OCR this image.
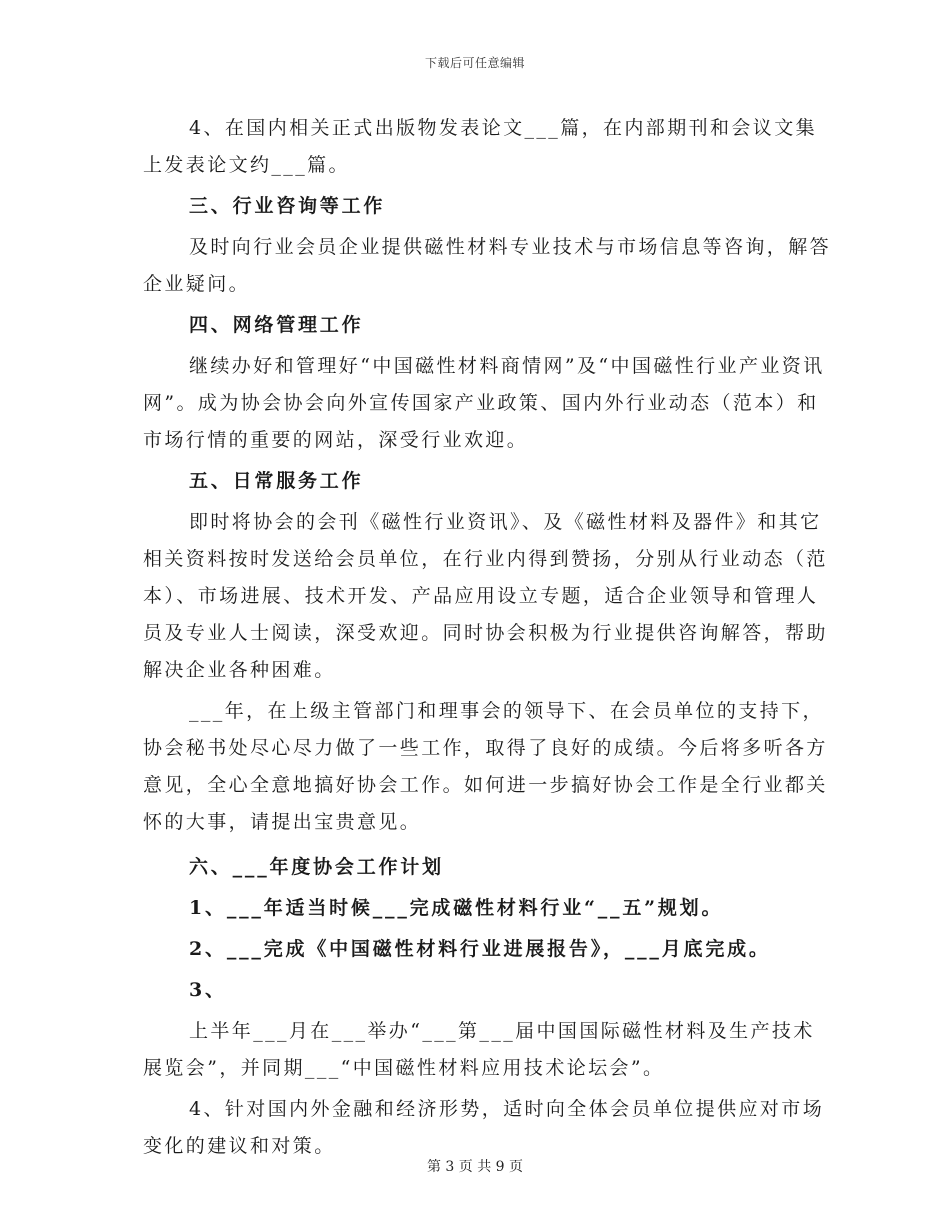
下载后可任意编辑

4、在国内相关正式出版物发表论文___篇，在内部期刊和会议文集上发表论文约___篇。

三、行业咨询等工作

及时向行业会员企业提供磁性材料专业技术与市场信息等咨询，解答企业疑问。

四、网络管理工作

继续办好和管理好“中国磁性材料商情网”及“中国磁性行业产业资讯网”。成为协会协会向外宣传国家产业政策、国内外行业动态（范本）和市场行情的重要的网站，深受行业欢迎。

五、日常服务工作

即时将协会的会刊《磁性行业资讯》、及《磁性材料及器件》和其它相关资料按时发送给会员单位，在行业内得到赞扬，分别从行业动态（范本）、市场进展、技术开发、产品应用设立专题，适合企业领导和管理人员及专业人士阅读，深受欢迎。同时协会积极为行业提供咨询解答，帮助解决企业各种困难。

___年，在上级主管部门和理事会的领导下、在会员单位的支持下，协会秘书处尽心尽力做了一些工作，取得了良好的成绩。今后将多听各方意见，全心全意地搞好协会工作。如何进一步搞好协会工作是全行业都关怀的大事，请提出宝贵意见。

六、___年度协会工作计划

1、___年适当时候___完成磁性材料行业“__五”规划。

2、___完成《中国磁性材料行业进展报告》，___月底完成。

3、

上半年___月在___举办“___第___届中国国际磁性材料及生产技术展览会”，并同期___“中国磁性材料应用技术论坛会”。

4、针对国内外金融和经济形势，适时向全体会员单位提供应对市场变化的建议和对策。

第 3 页 共 9 页
